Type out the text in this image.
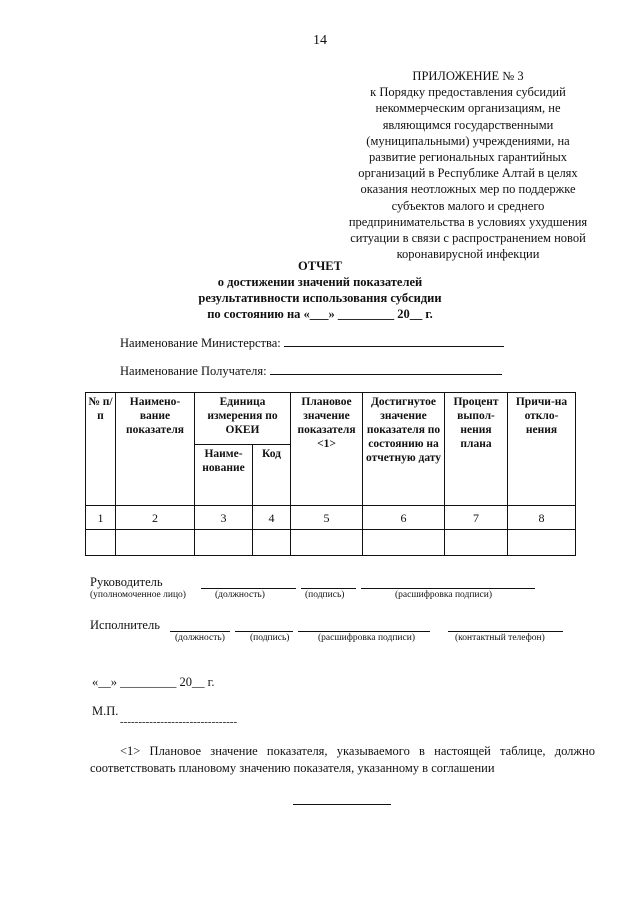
14
ПРИЛОЖЕНИЕ № 3
к Порядку предоставления субсидий
некоммерческим организациям, не
являющимся государственными
(муниципальными) учреждениями, на
развитие региональных гарантийных
организаций в Республике Алтай в целях
оказания неотложных мер по поддержке
субъектов малого и среднего
предпринимательства в условиях ухудшения
ситуации в связи с распространением новой
коронавирусной инфекции
ОТЧЕТ
о достижении значений показателей
результативности использования субсидии
по состоянию на «___» _________ 20__ г.
Наименование Министерства:
Наименование Получателя:
№ п/п	Наимено-вание показателя	Единица измерения по ОКЕИ		Плановое значение показателя <1>	Достигнутое значение показателя по состоянию на отчетную дату	Процент выпол-нения плана	Причи-на откло-нения
		Наиме-нование	Код				
1	2	3	4	5	6	7	8

Руководитель
(уполномоченное лицо)	(должность)	(подпись)	(расшифровка подписи)
Исполнитель
(должность)	(подпись)	(расшифровка подписи)	(контактный телефон)
«__» _________ 20__ г.
М.П.
--------------------------------
<1> Плановое значение показателя, указываемого в настоящей таблице, должно соответствовать плановому значению показателя, указанному в соглашении
